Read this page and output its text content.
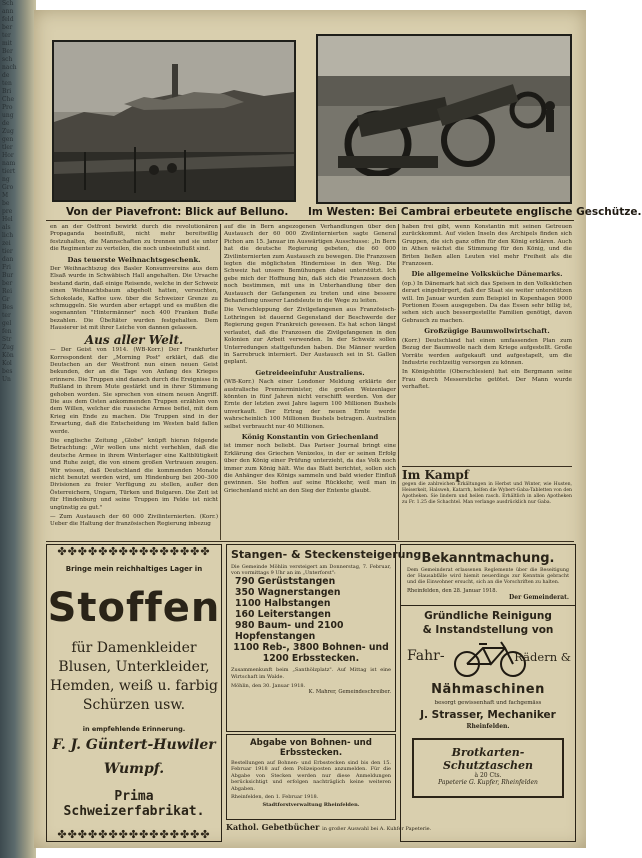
Sch
ann
feld
ber
ter
mit
Ber
sch
nach
de
ten
Bri
Che
Pro
ung
de
Zug
gen
tler
Hor
nam
tiert
ng
Gro
M
be
pre
Hel
als
lich
zei
tier
dan
Fri
Bur
ber
Rei
Gr
Bes
ter
gel
fen
Str
Zug
Kön
Kol
bes
Un
Von der Piavefront: Blick auf Belluno. Im Westen: Bei Cambrai erbeutete englische Geschütze.

en an der Ostfront bewirkt durch die revolutionären Propaganda beeinflußt, nicht mehr bereitwillig festzuhalten, die Mannschaften zu trennen und sie unter die Regimenter zu verteilen, die noch unbeeinflußt sind.

Das teuerste Weihnachtsgeschenk.

Der Weihnachtszug des Basler Konsumvereins aus dem Elsaß wurde in Schwäbisch Hall angehalten. Die Ursache bestand darin, daß einige Reisende, welche in der Schweiz einen Weihnachtsbaum abgeholt hatten, versuchten, Schokolade, Kaffee usw. über die Schweizer Grenze zu schmuggeln. Sie wurden aber ertappt und es mußten die sogenannten "Hintermänner" noch 400 Franken Buße bezahlen. Die Übeltäter wurden festgehalten. Dem Hausierer ist mit ihrer Leiche von dannen gelassen.

Aus aller Welt.

— Der Geist von 1914. (WB-Korr.) Der Frankfurter Korrespondent der „Morning Post" erklärt, daß die Deutschen an der Westfront nun einen neuen Geist bekunden, der an die Tage von Anfang des Krieges erinnere. Die Truppen sind danach durch die Ereignisse in Rußland in ihrem Mute gestärkt und in ihrer Stimmung gehoben worden. Sie sprechen von einem neuen Angriff. Die aus dem Osten ankommenden Truppen erzählen von dem Willen, welcher die russische Armee befiel, mit dem Krieg ein Ende zu machen. Die Truppen sind in der Erwartung, daß die Entscheidung im Westen bald fallen werde.

Die englische Zeitung „Globe" knüpft hieran folgende Betrachtung: „Wir wollen uns nicht verhehlen, daß die deutsche Armee in ihrem Winterlager eine Kaltblütigkeit und Ruhe zeigt, die von einem großen Vertrauen zeugen. Wir wissen, daß Deutschland die kommenden Monate nicht benutzt werden wird, um Hindenburg bei 200–300 Divisionen zu freier Verfügung zu stellen, außer den Österreichern, Ungarn, Türken und Bulgaren. Die Zeit ist für Hindenburg und seine Truppen im Felde ist nicht ungünstig zu gut."

— Zum Austausch der 60 000 Zivilinternierten. (Korr.) Ueber die Haltung der französischen Regierung inbezug

auf die in Bern angezogenen Verhandlungen über den Austausch der 60 000 Zivilinternierten sagte General Pichon am 15. Januar im Auswärtigen Ausschusse: „In Bern hat die deutsche Regierung gebeten, die 60 000 Zivilinternierten zum Austausch zu bewegen. Die Franzosen legten die möglichsten Hindernisse in den Weg. Die Schweiz hat unsere Bemühungen dabei unterstützt. Ich gebe mich der Hoffnung hin, daß sich die Franzosen doch noch bestimmen, mit uns in Unterhandlung über den Austausch der Gefangenen zu treten und eine bessere Behandlung unserer Landsleute in die Wege zu leiten.

Die Verschleppung der Zivilgefangenen aus Französisch-Lothringen ist dauernd Gegenstand der Beschwerde der Regierung gegen Frankreich gewesen. Es hat schon längst verlautet, daß die Franzosen die Zivilgefangenen in den Kolonien zur Arbeit verwenden. In der Schweiz sollen Unterredungen stattgefunden haben. Die Männer wurden in Sarrebruck interniert. Der Austausch sei in St. Gallen geplant.

Getreideeinfuhr Australiens.

(WB-Korr.) Nach einer Londoner Meldung erklärte der australische Premierminister, die großen Weizenlager könnten in fünf Jahren nicht verschifft werden. Von der Ernte der letzten zwei Jahre lagern 100 Millionen Bushels unverkauft. Der Ertrag der neuen Ernte werde wahrscheinlich 100 Millionen Bushels betragen. Australien selbst verbraucht nur 40 Millionen.

König Konstantin von Griechenland

ist immer noch beliebt. Das Pariser Journal bringt eine Erklärung des Griechen Venizelos, in der er seinen Erfolg über den König einer Prüfung unterzieht, da das Volk noch immer zum König hält. Wie das Blatt berichtet, sollen sich die Anhänger des Königs sammeln und bald wieder Einfluß gewinnen. Sie hoffen auf seine Rückkehr, weil man in Griechenland nicht an den Sieg der Entente glaubt.

haben frei gibt, wenn Konstantin mit seinen Getreuen zurückkommt. Auf vielen Inseln des Archipels finden sich Gruppen, die sich ganz offen für den König erklären. Auch in Athen wächst die Stimmung für den König, und die Briten ließen allen Leuten viel mehr Freiheit als die Franzosen.

Die allgemeine Volksküche Dänemarks.

(op.) In Dänemark hat sich das Speisen in den Volksküchen derart eingebürgert, daß der Staat sie weiter unterstützen will. Im Januar wurden zum Beispiel in Kopenhagen 9000 Portionen Essen ausgegeben. Da das Essen sehr billig ist, sehen sich auch bessergestellte Familien genötigt, davon Gebrauch zu machen.

Großzügige Baumwollwirtschaft.

(Korr.) Deutschland hat einen umfassenden Plan zum Bezug der Baumwolle nach dem Kriege aufgestellt. Große Vorräte werden aufgekauft und aufgestapelt, um die Industrie rechtzeitig versorgen zu können.

In Königshütte (Oberschlesien) hat ein Bergmann seine Frau durch Messerstiche getötet. Der Mann wurde verhaftet.

Im Kampf
gegen die zahlreichen Erkältungen in Herbst und Winter, wie Husten, Heiserkeit, Halsweh, Katarrh, helfen die Wybert-Gaba-Tabletten von den Apotheken. Sie lindern und heilen rasch. Erhältlich in allen Apotheken zu Fr. 1.25 die Schachtel. Man verlange ausdrücklich nur Gaba.
✤✤✤✤✤✤✤✤✤✤✤✤✤✤✤
Bringe mein reichhaltiges Lager in
Stoffen
für Damenkleider
Blusen, Unterkleider,
Hemden, weiß u. farbig
Schürzen usw.
in empfehlende Erinnerung.
F. J. Güntert-Huwiler
Wumpf.
Prima Schweizerfabrikat.
✤✤✤✤✤✤✤✤✤✤✤✤✤✤✤
Stangen- & Steckensteigerung
Die Gemeinde Möhlin versteigert am Donnerstag, 7. Februar, von vormittags 9 Uhr an im „Unterforst":
790 Gerüststangen
350 Wagnerstangen
1100 Halbstangen
160 Leiterstangen
980 Baum- und 2100 Hopfenstangen
1100 Reb-, 3800 Bohnen- und 1200 Erbsstecken.
Zusammenkunft beim „Santhölzplatz". Auf Mittag ist eine Wirtschaft im Walde.
Möhlin, den 30. Januar 1918.
K. Mahrer, Gemeindeschreiber.
Abgabe von Bohnen- und Erbsstecken.
Bestellungen auf Bohnen- und Erbsstecken sind bis den 15. Februar 1918 auf dem Polizeiposten anzumelden. Für die Abgabe von Stecken werden nur diese Anmeldungen berücksichtigt und erfolgen nachträglich keine weiteren Abgaben.
Rheinfelden, den 1. Februar 1918.
Stadtforstverwaltung Rheinfelden.
Kathol. Gebetbücher in großer Auswahl bei A. Kuhfer Papeterie.
Bekanntmachung.
Dem Gemeinderat erlassenen Reglemente über die Beseitigung der Hausabfälle wird hiemit neuerdings zur Kenntnis gebracht und die Einwohner ersucht, sich an die Vorschriften zu halten.
Rheinfelden, den 28. Januar 1918.
Der Gemeinderat.
Gründliche Reinigung
& Instandstellung von
Fahr-	Rädern &
Nähmaschinen
besorgt gewissenhaft und fachgemäss
J. Strasser, Mechaniker
Rheinfelden.
Brotkarten-
Schutztaschen
à 20 Cts.
Papeterie G. Kupfer, Rheinfelden
